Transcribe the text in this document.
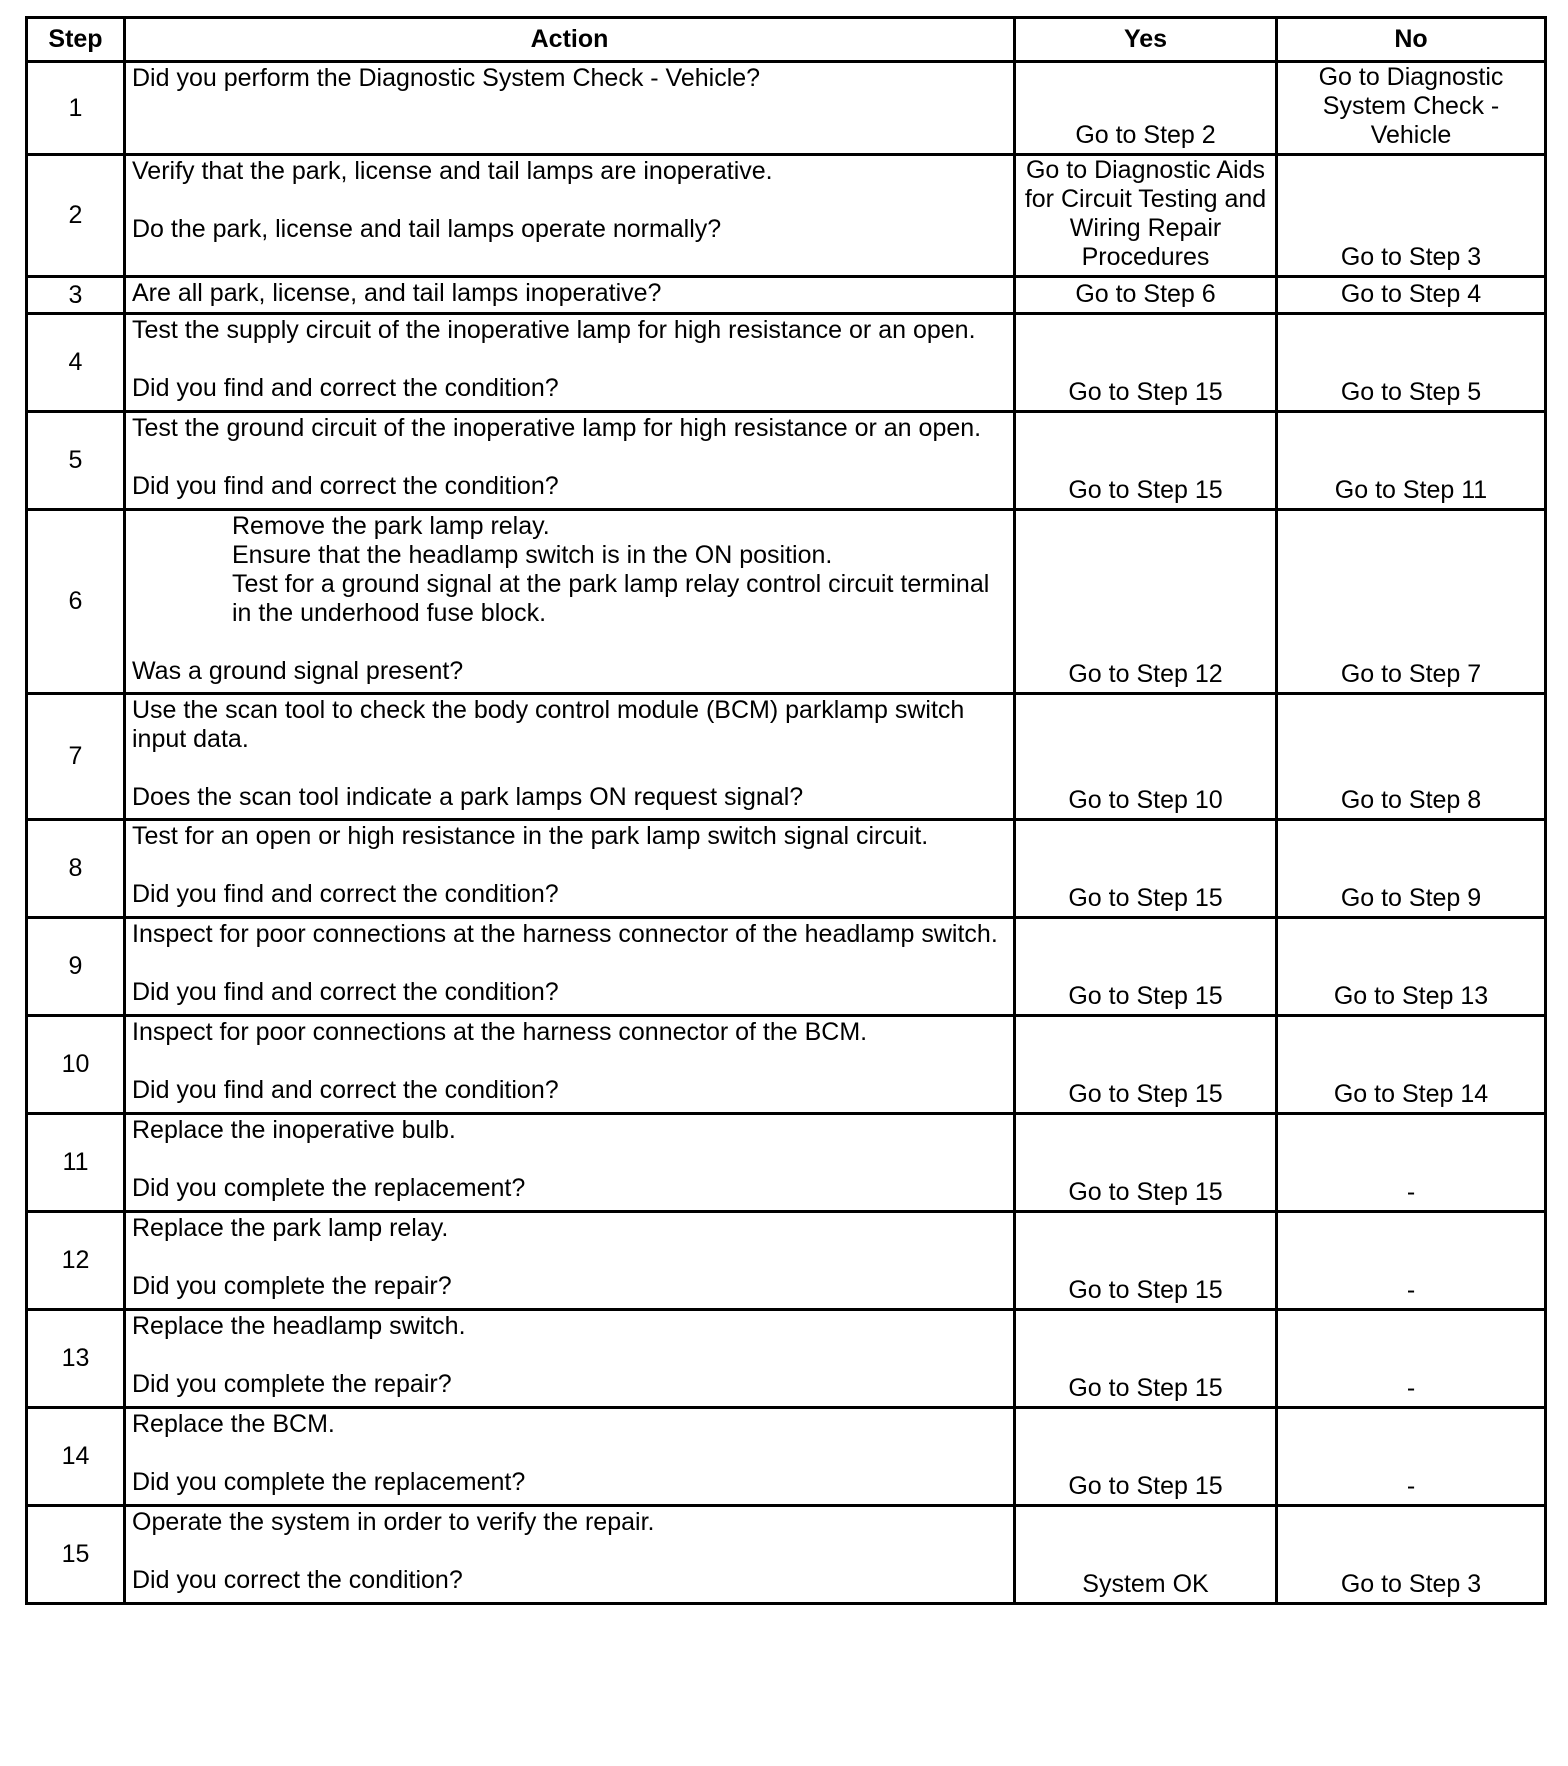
Step	Action	Yes	No
1	Did you perform the Diagnostic System Check - Vehicle?	Go to Step 2	Go to Diagnostic System Check - Vehicle
2	Verify that the park, license and tail lamps are inoperative.
Do the park, license and tail lamps operate normally?	Go to Diagnostic Aids for Circuit Testing and Wiring Repair Procedures	Go to Step 3
3	Are all park, license, and tail lamps inoperative?	Go to Step 6	Go to Step 4
4	Test the supply circuit of the inoperative lamp for high resistance or an open.
Did you find and correct the condition?	Go to Step 15	Go to Step 5
5	Test the ground circuit of the inoperative lamp for high resistance or an open.
Did you find and correct the condition?	Go to Step 15	Go to Step 11
6	Remove the park lamp relay.
Ensure that the headlamp switch is in the ON position.
Test for a ground signal at the park lamp relay control circuit terminal in the underhood fuse block.
Was a ground signal present?	Go to Step 12	Go to Step 7
7	Use the scan tool to check the body control module (BCM) parklamp switch input data.
Does the scan tool indicate a park lamps ON request signal?	Go to Step 10	Go to Step 8
8	Test for an open or high resistance in the park lamp switch signal circuit.
Did you find and correct the condition?	Go to Step 15	Go to Step 9
9	Inspect for poor connections at the harness connector of the headlamp switch.
Did you find and correct the condition?	Go to Step 15	Go to Step 13
10	Inspect for poor connections at the harness connector of the BCM.
Did you find and correct the condition?	Go to Step 15	Go to Step 14
11	Replace the inoperative bulb.
Did you complete the replacement?	Go to Step 15	-
12	Replace the park lamp relay.
Did you complete the repair?	Go to Step 15	-
13	Replace the headlamp switch.
Did you complete the repair?	Go to Step 15	-
14	Replace the BCM.
Did you complete the replacement?	Go to Step 15	-
15	Operate the system in order to verify the repair.
Did you correct the condition?	System OK	Go to Step 3
